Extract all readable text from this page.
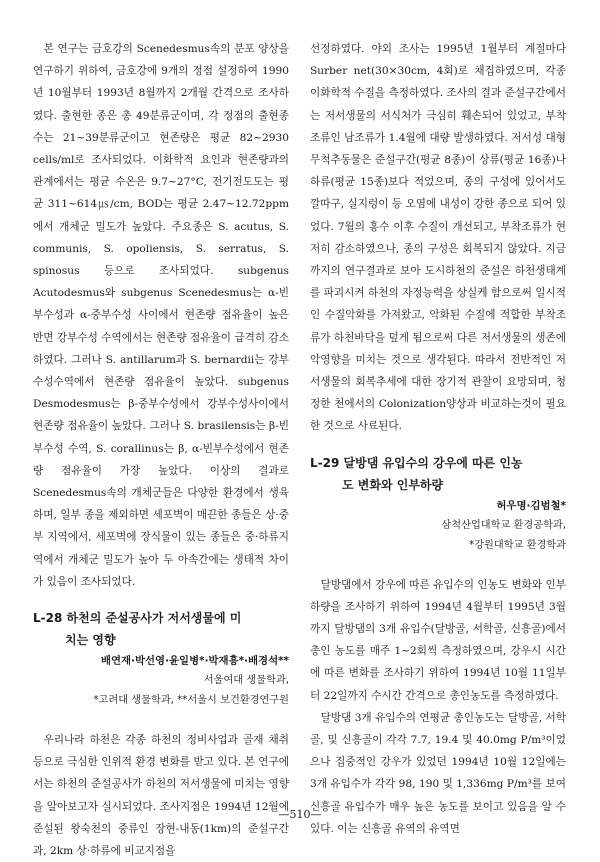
본 연구는 금호강의 Scenedesmus속의 분포 양상을 연구하기 위하여, 금호강에 9개의 정점 설정하여 1990년 10월부터 1993년 8월까지 2개월 간격으로 조사하였다. 출현한 종은 총 49분류군이며, 각 정점의 출현종수는 21~39분류군이고 현존량은 평균 82~2930 cells/ml로 조사되었다. 이화학적 요인과 현존량과의 관계에서는 평균 수온은 9.7~27°C, 전기전도도는 평균 311~614㎲/cm, BOD는 평균 2.47~12.72ppm에서 개체군 밀도가 높았다. 주요종은 S. acutus, S. communis, S. opoliensis, S. serratus, S. spinosus 등으로 조사되었다. subgenus Acutodesmus와 subgenus Scenedesmus는 α-빈부수성과 α-중부수성 사이에서 현존량 점유율이 높은 반면 강부수성 수역에서는 현존량 점유율이 급격히 감소하였다. 그러나 S. antillarum과 S. bernardii는 강부수성수역에서 현존량 점유율이 높았다. subgenus Desmodesmus는 β-중부수성에서 강부수성사이에서 현존량 점유율이 높았다. 그러나 S. brasilensis는 β-빈부수성 수역, S. corallinus는 β, α-빈부수성에서 현존량 점유율이 가장 높았다. 이상의 결과로 Scenedesmus속의 개체군들은 다양한 환경에서 생육하며, 일부 종을 제외하면 세포벽이 매끈한 종들은 상·중부 지역에서, 세포벽에 장식물이 있는 종들은 중·하류지역에서 개체군 밀도가 높아 두 아속간에는 생태적 차이가 있음이 조사되었다.

L-28 하천의 준설공사가 저서생물에 미
치는 영향

배연재·박선영·윤일병*·박재흥*·배경석**

서울여대 생물학과,

*고려대 생물학과, **서울시 보건환경연구원

우리나라 하천은 각종 하천의 정비사업과 골재 채취 등으로 극심한 인위적 환경 변화를 받고 있다. 본 연구에서는 하천의 준설공사가 하천의 저서생물에 미치는 영향을 알아보고자 실시되었다. 조사지점은 1994년 12월에 준설된 왕숙천의 중류인 장현-내동(1km)의 준설구간과, 2km 상·하류에 비교지점을

선정하였다. 야외 조사는 1995년 1월부터 계절마다 Surber net(30×30cm, 4회)로 채집하였으며, 각종 이화학적 수질을 측정하였다. 조사의 결과 준설구간에서는 저서생물의 서식처가 극심히 훼손되어 있었고, 부착조류인 남조류가 1.4월에 대량 발생하였다. 저서성 대형무척추동물은 준설구간(평균 8종)이 상류(평균 16종)나 하류(평균 15종)보다 적었으며, 종의 구성에 있어서도 깔따구, 실지렁이 등 오염에 내성이 강한 종으로 되어 있었다. 7월의 홍수 이후 수질이 개선되고, 부착조류가 현저히 감소하였으나, 종의 구성은 회복되지 않았다. 지금까지의 연구결과로 보아 도시하천의 준설은 하천생태계를 파괴시켜 하천의 자정능력을 상실케 함으로써 일시적인 수질악화를 가져왔고, 악화된 수질에 적합한 부착조류가 하천바닥을 덮게 됨으로써 다른 저서생물의 생존에 악영향을 미치는 것으로 생각된다. 따라서 전반적인 저서생물의 회복추세에 대한 장기적 관찰이 요망되며, 청정한 천에서의 Colonization양상과 비교하는것이 필요한 것으로 사료된다.

L-29 달방댐 유입수의 강우에 따른 인농
도 변화와 인부하량

허우명·김범철*

삼척산업대학교 환경공학과,

*강원대학교 환경학과

달방댐에서 강우에 따른 유입수의 인농도 변화와 인부하량을 조사하기 위하여 1994년 4월부터 1995년 3월까지 달방댐의 3개 유입수(달방골, 서학골, 신흥골)에서 총인 농도를 매주 1~2회씩 측정하였으며, 강우시 시간에 따른 변화를 조사하기 위하여 1994년 10월 11일부터 22일까지 수시간 간격으로 총인농도를 측정하였다.

달방댐 3개 유입수의 연평균 총인농도는 달방골, 서학골, 및 신흥골이 각각 7.7, 19.4 및 40.0mg P/m³이었으나 집중적인 강우가 있었던 1994년 10월 12일에는 3개 유입수가 각각 98, 190 및 1,336mg P/m³를 보여 신흥골 유입수가 매우 높은 농도를 보이고 있음을 알 수 있다. 이는 신흥골 유역의 유역면

—510—
